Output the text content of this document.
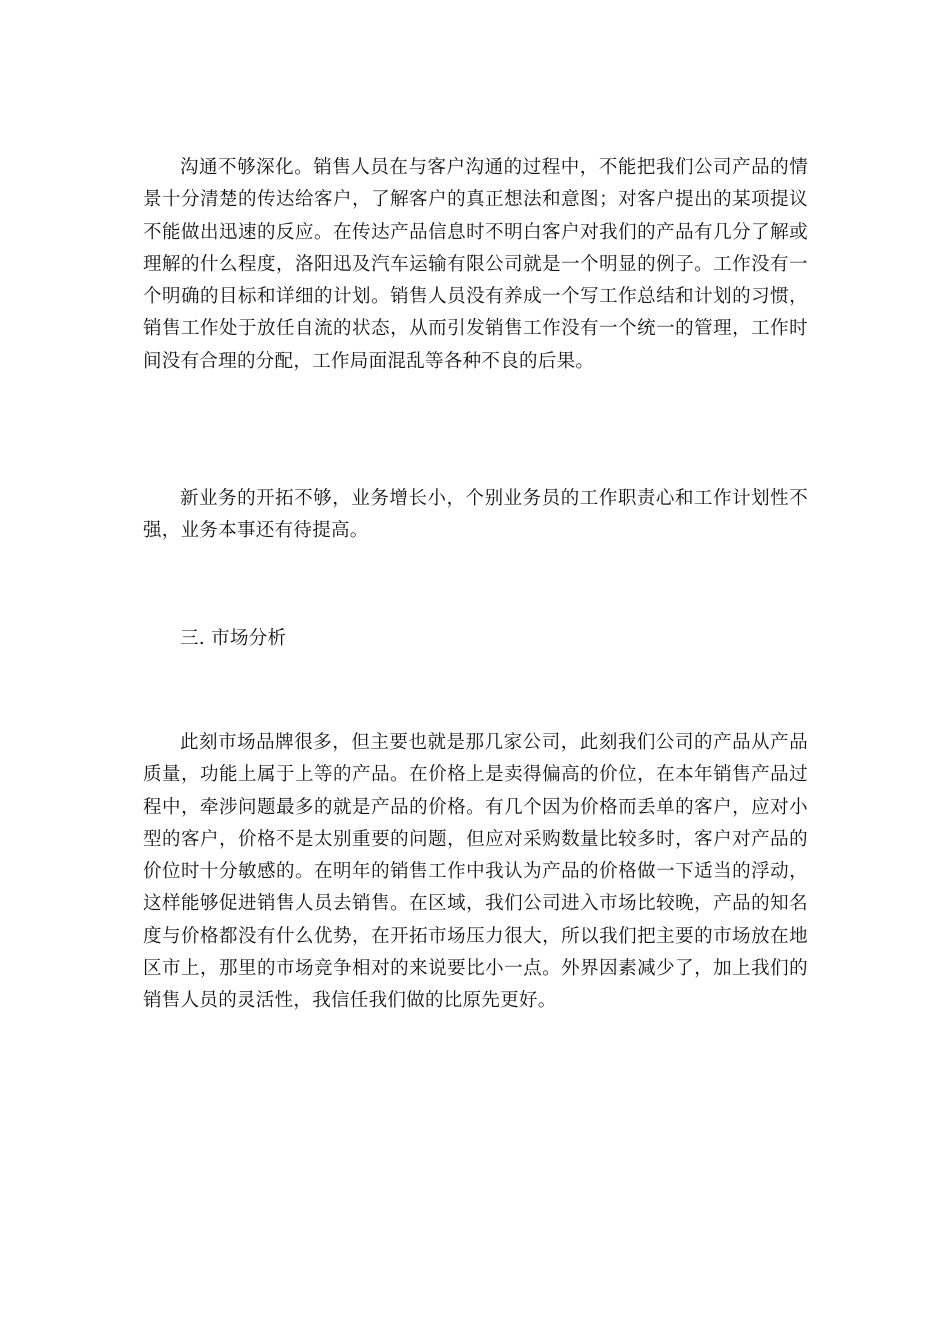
沟通不够深化。销售人员在与客户沟通的过程中，不能把我们公司产品的情景十分清楚的传达给客户，了解客户的真正想法和意图；对客户提出的某项提议不能做出迅速的反应。在传达产品信息时不明白客户对我们的产品有几分了解或理解的什么程度，洛阳迅及汽车运输有限公司就是一个明显的例子。工作没有一个明确的目标和详细的计划。销售人员没有养成一个写工作总结和计划的习惯，销售工作处于放任自流的状态，从而引发销售工作没有一个统一的管理，工作时间没有合理的分配，工作局面混乱等各种不良的后果。

新业务的开拓不够，业务增长小，个别业务员的工作职责心和工作计划性不强，业务本事还有待提高。

三. 市场分析

此刻市场品牌很多，但主要也就是那几家公司，此刻我们公司的产品从产品质量，功能上属于上等的产品。在价格上是卖得偏高的价位，在本年销售产品过程中，牵涉问题最多的就是产品的价格。有几个因为价格而丢单的客户，应对小型的客户，价格不是太别重要的问题，但应对采购数量比较多时，客户对产品的价位时十分敏感的。在明年的销售工作中我认为产品的价格做一下适当的浮动，这样能够促进销售人员去销售。在区域，我们公司进入市场比较晚，产品的知名度与价格都没有什么优势，在开拓市场压力很大，所以我们把主要的市场放在地区市上，那里的市场竞争相对的来说要比小一点。外界因素减少了，加上我们的销售人员的灵活性，我信任我们做的比原先更好。
